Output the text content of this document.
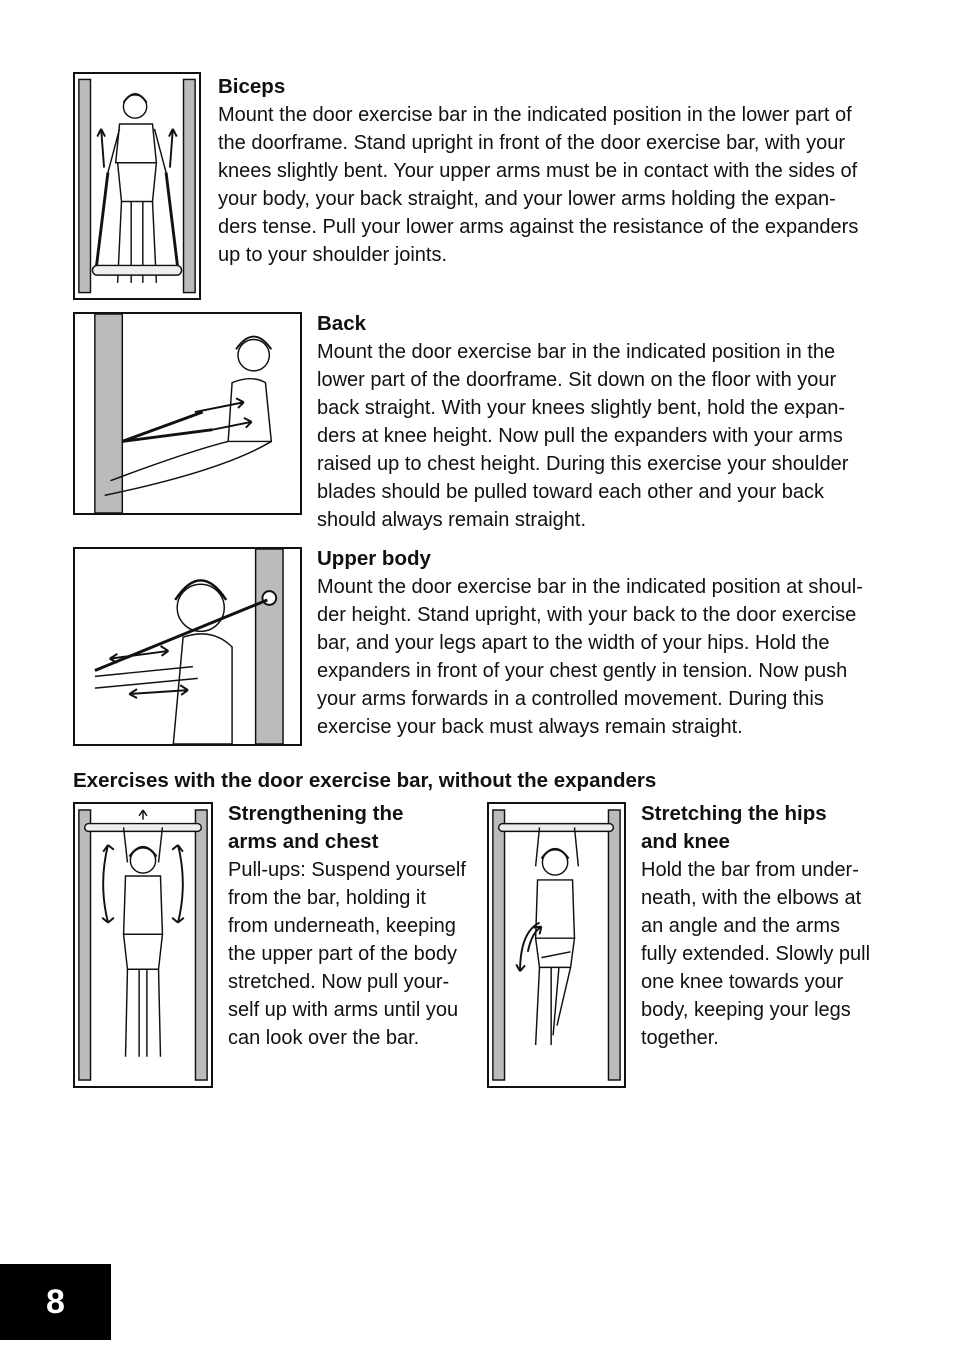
Biceps

Mount the door exercise bar in the indicated position in the lower part of
the doorframe. Stand upright in front of the door exercise bar, with your
knees slightly bent. Your upper arms must be in contact with the sides of
your body, your back straight, and your lower arms holding the expan-
ders tense. Pull your lower arms against the resistance of the expanders
up to your shoulder joints.

Back

Mount the door exercise bar in the indicated position in the
lower part of the doorframe. Sit down on the floor with your
back straight. With your knees slightly bent, hold the expan-
ders at knee height. Now pull the expanders with your arms
raised up to chest height. During this exercise your shoulder
blades should be pulled toward each other and your back
should always remain straight.

Upper body

Mount the door exercise bar in the indicated position at shoul-
der height. Stand upright, with your back to the door exercise
bar, and your legs apart to the width of your hips. Hold the
expanders in front of your chest gently in tension. Now push
your arms forwards in a controlled movement. During this
exercise your back must always remain straight.

Exercises with the door exercise bar, without the expanders

Strengthening the
arms and chest

Pull-ups: Suspend yourself
from the bar, holding it
from underneath, keeping
the upper part of the body
stretched. Now pull your-
self up with arms until you
can look over the bar.

Stretching the hips
and knee

Hold the bar from under-
neath, with the elbows at
an angle and the arms
fully extended. Slowly pull
one knee towards your
body, keeping your legs
together.

8
